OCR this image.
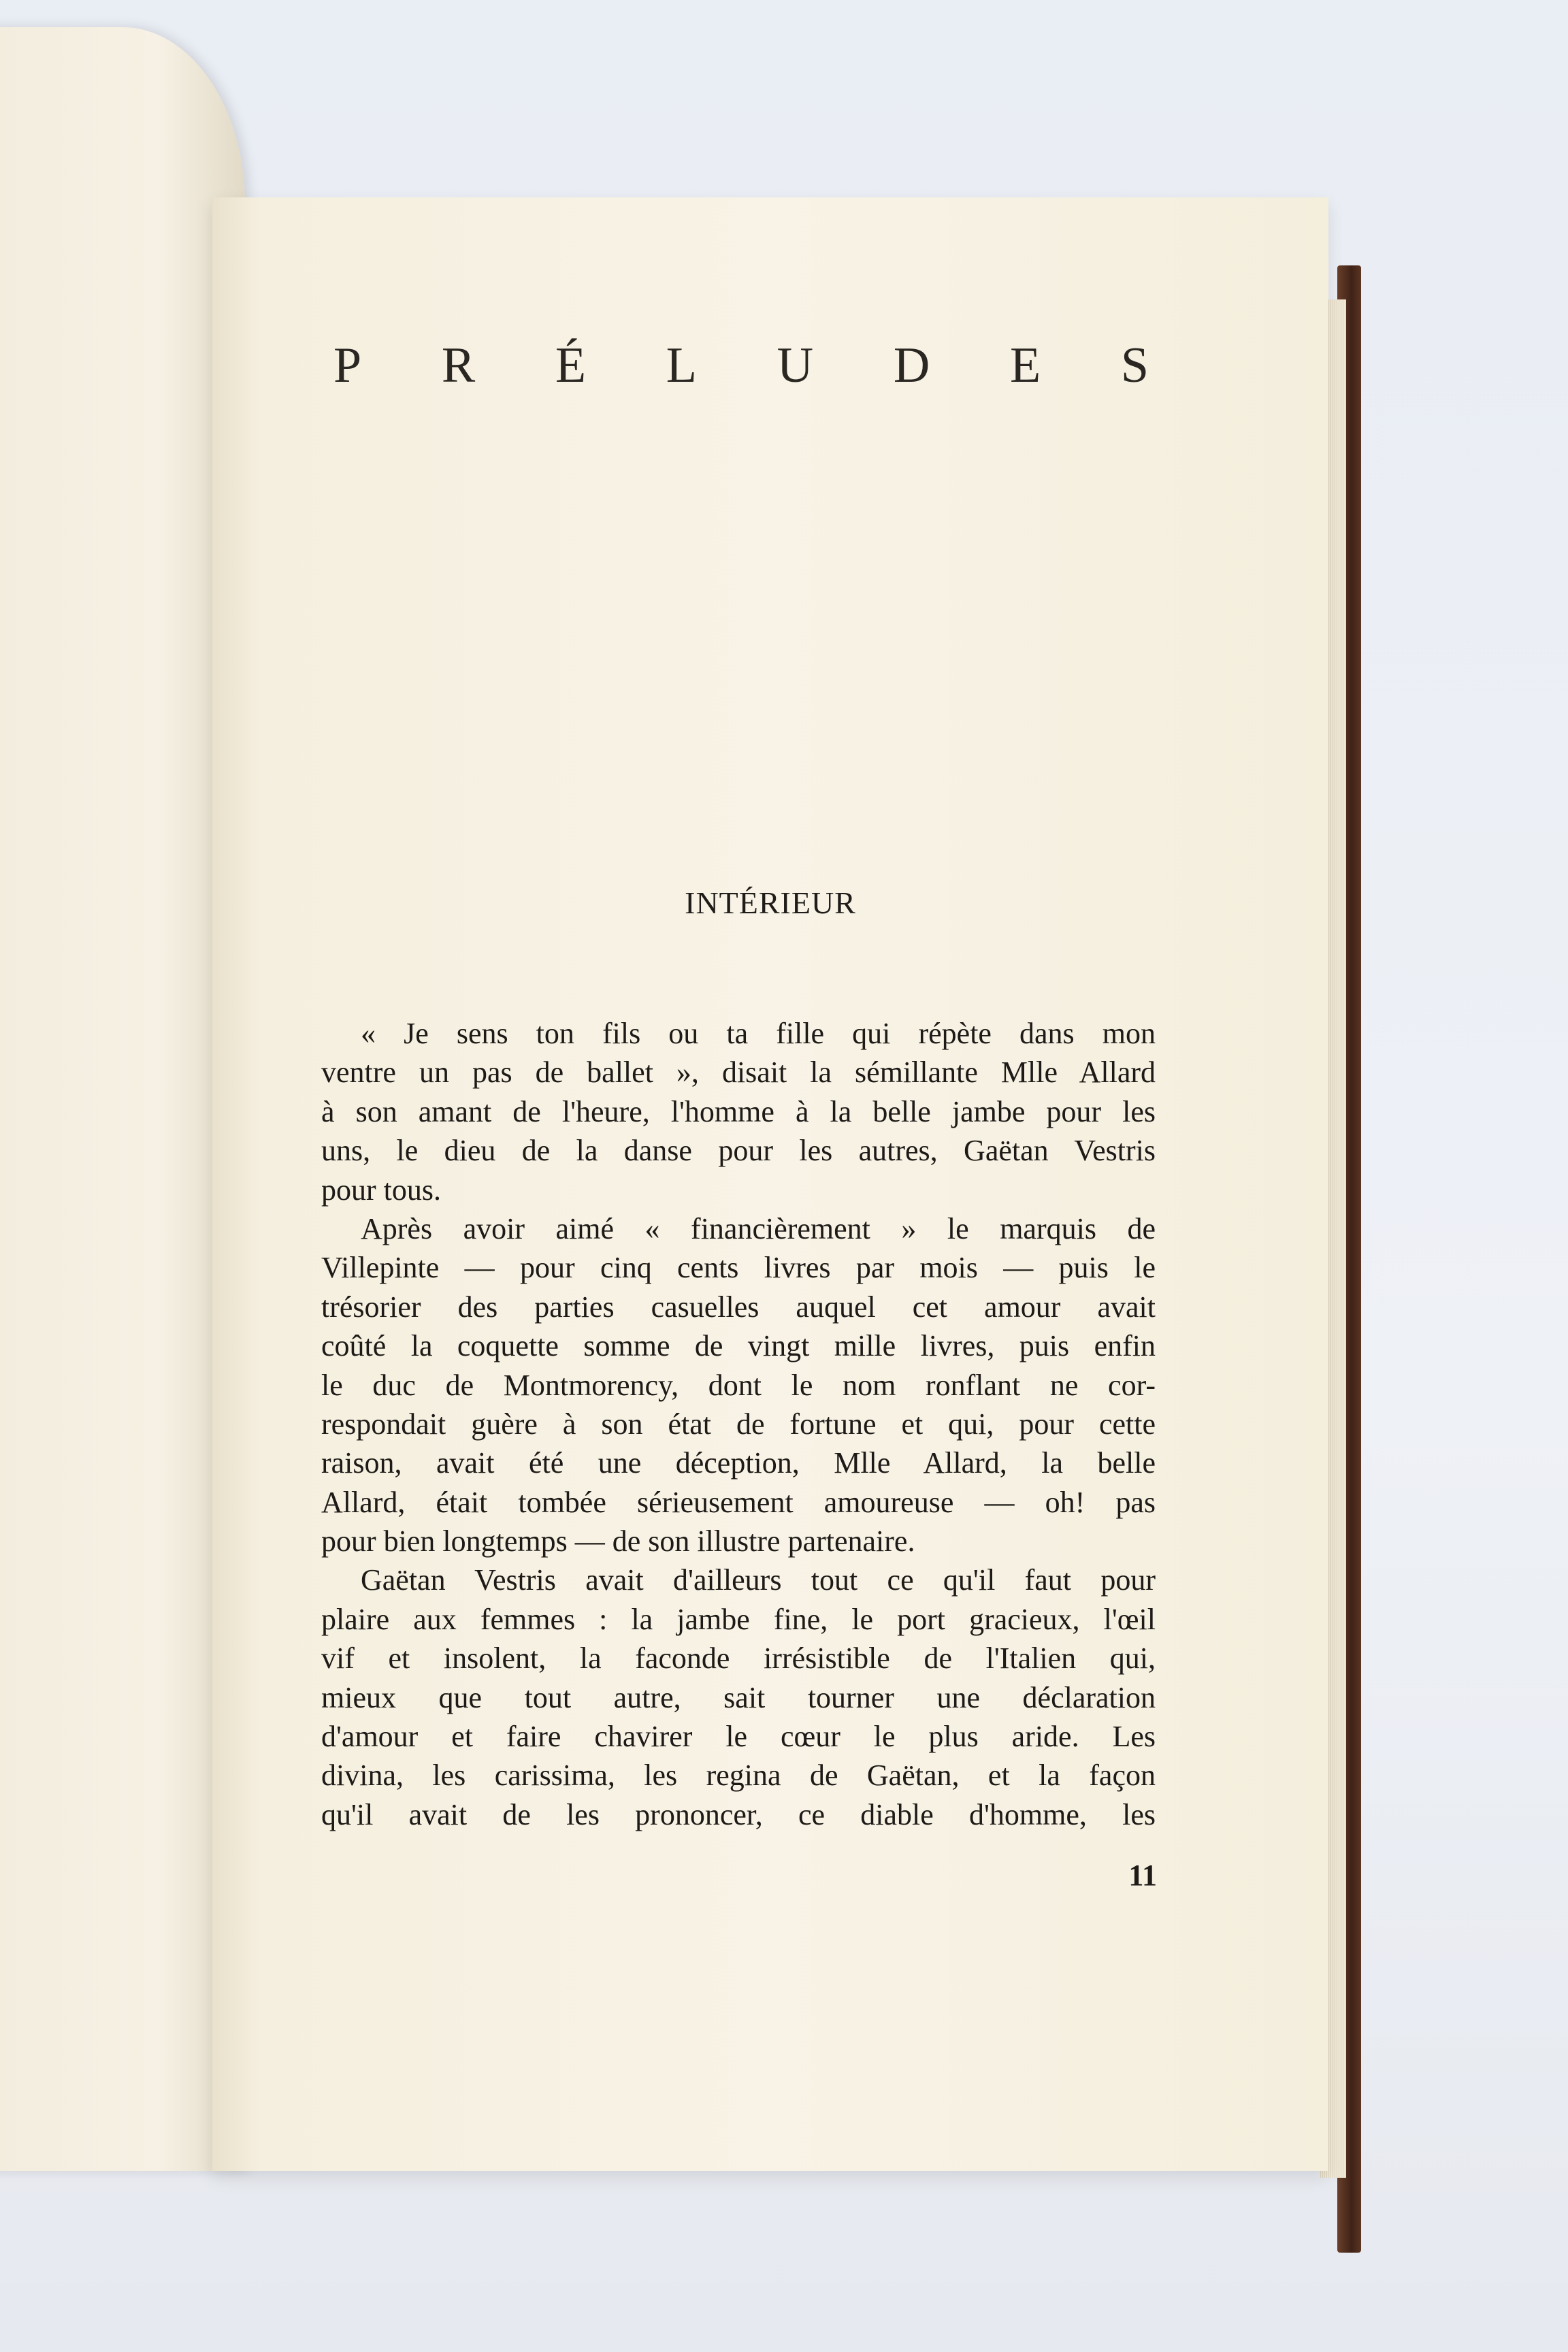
P R É L U D E S
INTÉRIEUR
« Je sens ton fils ou ta fille qui répète dans mon
ventre un pas de ballet », disait la sémillante Mlle Allard
à son amant de l'heure, l'homme à la belle jambe pour les
uns, le dieu de la danse pour les autres, Gaëtan Vestris
pour tous.
Après avoir aimé « financièrement » le marquis de
Villepinte — pour cinq cents livres par mois — puis le
trésorier des parties casuelles auquel cet amour avait
coûté la coquette somme de vingt mille livres, puis enfin
le duc de Montmorency, dont le nom ronflant ne cor-
respondait guère à son état de fortune et qui, pour cette
raison, avait été une déception, Mlle Allard, la belle
Allard, était tombée sérieusement amoureuse — oh! pas
pour bien longtemps — de son illustre partenaire.
Gaëtan Vestris avait d'ailleurs tout ce qu'il faut pour
plaire aux femmes : la jambe fine, le port gracieux, l'œil
vif et insolent, la faconde irrésistible de l'Italien qui,
mieux que tout autre, sait tourner une déclaration
d'amour et faire chavirer le cœur le plus aride. Les
divina, les carissima, les regina de Gaëtan, et la façon
qu'il avait de les prononcer, ce diable d'homme, les
11
